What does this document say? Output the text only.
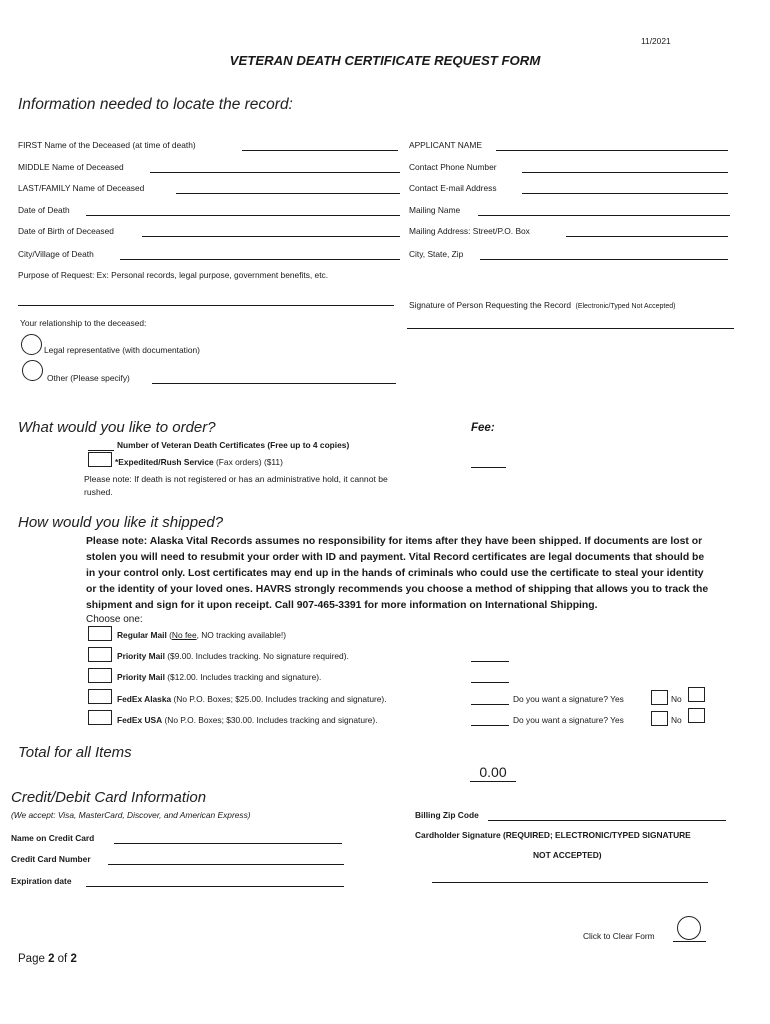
11/2021
VETERAN DEATH CERTIFICATE REQUEST FORM
Information needed to locate the record:
FIRST Name of the Deceased (at time of death)
MIDDLE Name of Deceased
LAST/FAMILY Name of Deceased
Date of Death
Date of Birth of Deceased
City/Village of Death
APPLICANT NAME
Contact Phone Number
Contact E-mail Address
Mailing Name
Mailing Address: Street/P.O. Box
City, State, Zip
Purpose of Request: Ex: Personal records, legal purpose, government benefits, etc.
Signature of Person Requesting the Record (Electronic/Typed Not Accepted)
Your relationship to the deceased:
Legal representative (with documentation)
Other (Please specify)
What would you like to order?	Fee:
Number of Veteran Death Certificates (Free up to 4 copies)
*Expedited/Rush Service (Fax orders) ($11)
Please note: If death is not registered or has an administrative hold, it cannot be
rushed.
How would you like it shipped?
Please note: Alaska Vital Records assumes no responsibility for items after they have been shipped. If documents are lost or
stolen you will need to resubmit your order with ID and payment. Vital Record certificates are legal documents that should be
in your control only. Lost certificates may end up in the hands of criminals who could use the certificate to steal your identity
or the identity of your loved ones. HAVRS strongly recommends you choose a method of shipping that allows you to track the
shipment and sign for it upon receipt. Call 907-465-3391 for more information on International Shipping.
Choose one:
Regular Mail (No fee, NO tracking available!)
Priority Mail ($9.00. Includes tracking. No signature required).
Priority Mail ($12.00. Includes tracking and signature).
FedEx Alaska (No P.O. Boxes; $25.00. Includes tracking and signature).	Do you want a signature? Yes	No
FedEx USA (No P.O. Boxes; $30.00. Includes tracking and signature).	Do you want a signature? Yes	No
Total for all Items
0.00
Credit/Debit Card Information
(We accept: Visa, MasterCard, Discover, and American Express)
Name on Credit Card
Credit Card Number
Expiration date
Billing Zip Code
Cardholder Signature (REQUIRED; ELECTRONIC/TYPED SIGNATURE
NOT ACCEPTED)
Click to Clear Form
Page 2 of 2
